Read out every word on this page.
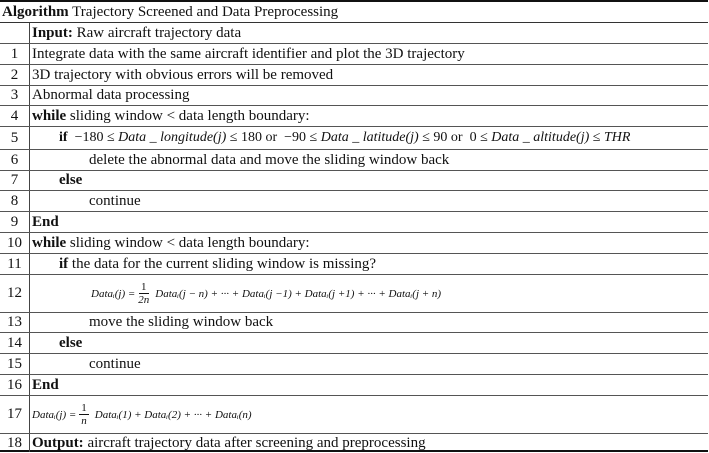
Algorithm Trajectory Screened and Data Preprocessing
Input: Raw aircraft trajectory data
1 Integrate data with the same aircraft identifier and plot the 3D trajectory
2 3D trajectory with obvious errors will be removed
3 Abnormal data processing
4 while sliding window < data length boundary:
5	if −180 ≤ Data _ longitude(j) ≤ 180 or  −90 ≤ Data _ latitude(j) ≤ 90 or  0 ≤ Data _ altitude(j) ≤ THR
6	delete the abnormal data and move the sliding window back
7	else
8	continue
9 End
10 while sliding window < data length boundary:
11	if the data for the current sliding window is missing?
12	Dataᵢ(j) = $\frac{1}{2n}$ Dataᵢ(j − n) + ··· + Dataᵢ(j −1) + Dataᵢ(j +1) + ··· + Dataᵢ(j + n)
13	move the sliding window back
14	else
15	continue
16 End
17 Dataᵢ(j) = $\frac{1}{n}$ Dataᵢ(1) + Dataᵢ(2) + ··· + Dataᵢ(n)
18 Output: aircraft trajectory data after screening and preprocessing
